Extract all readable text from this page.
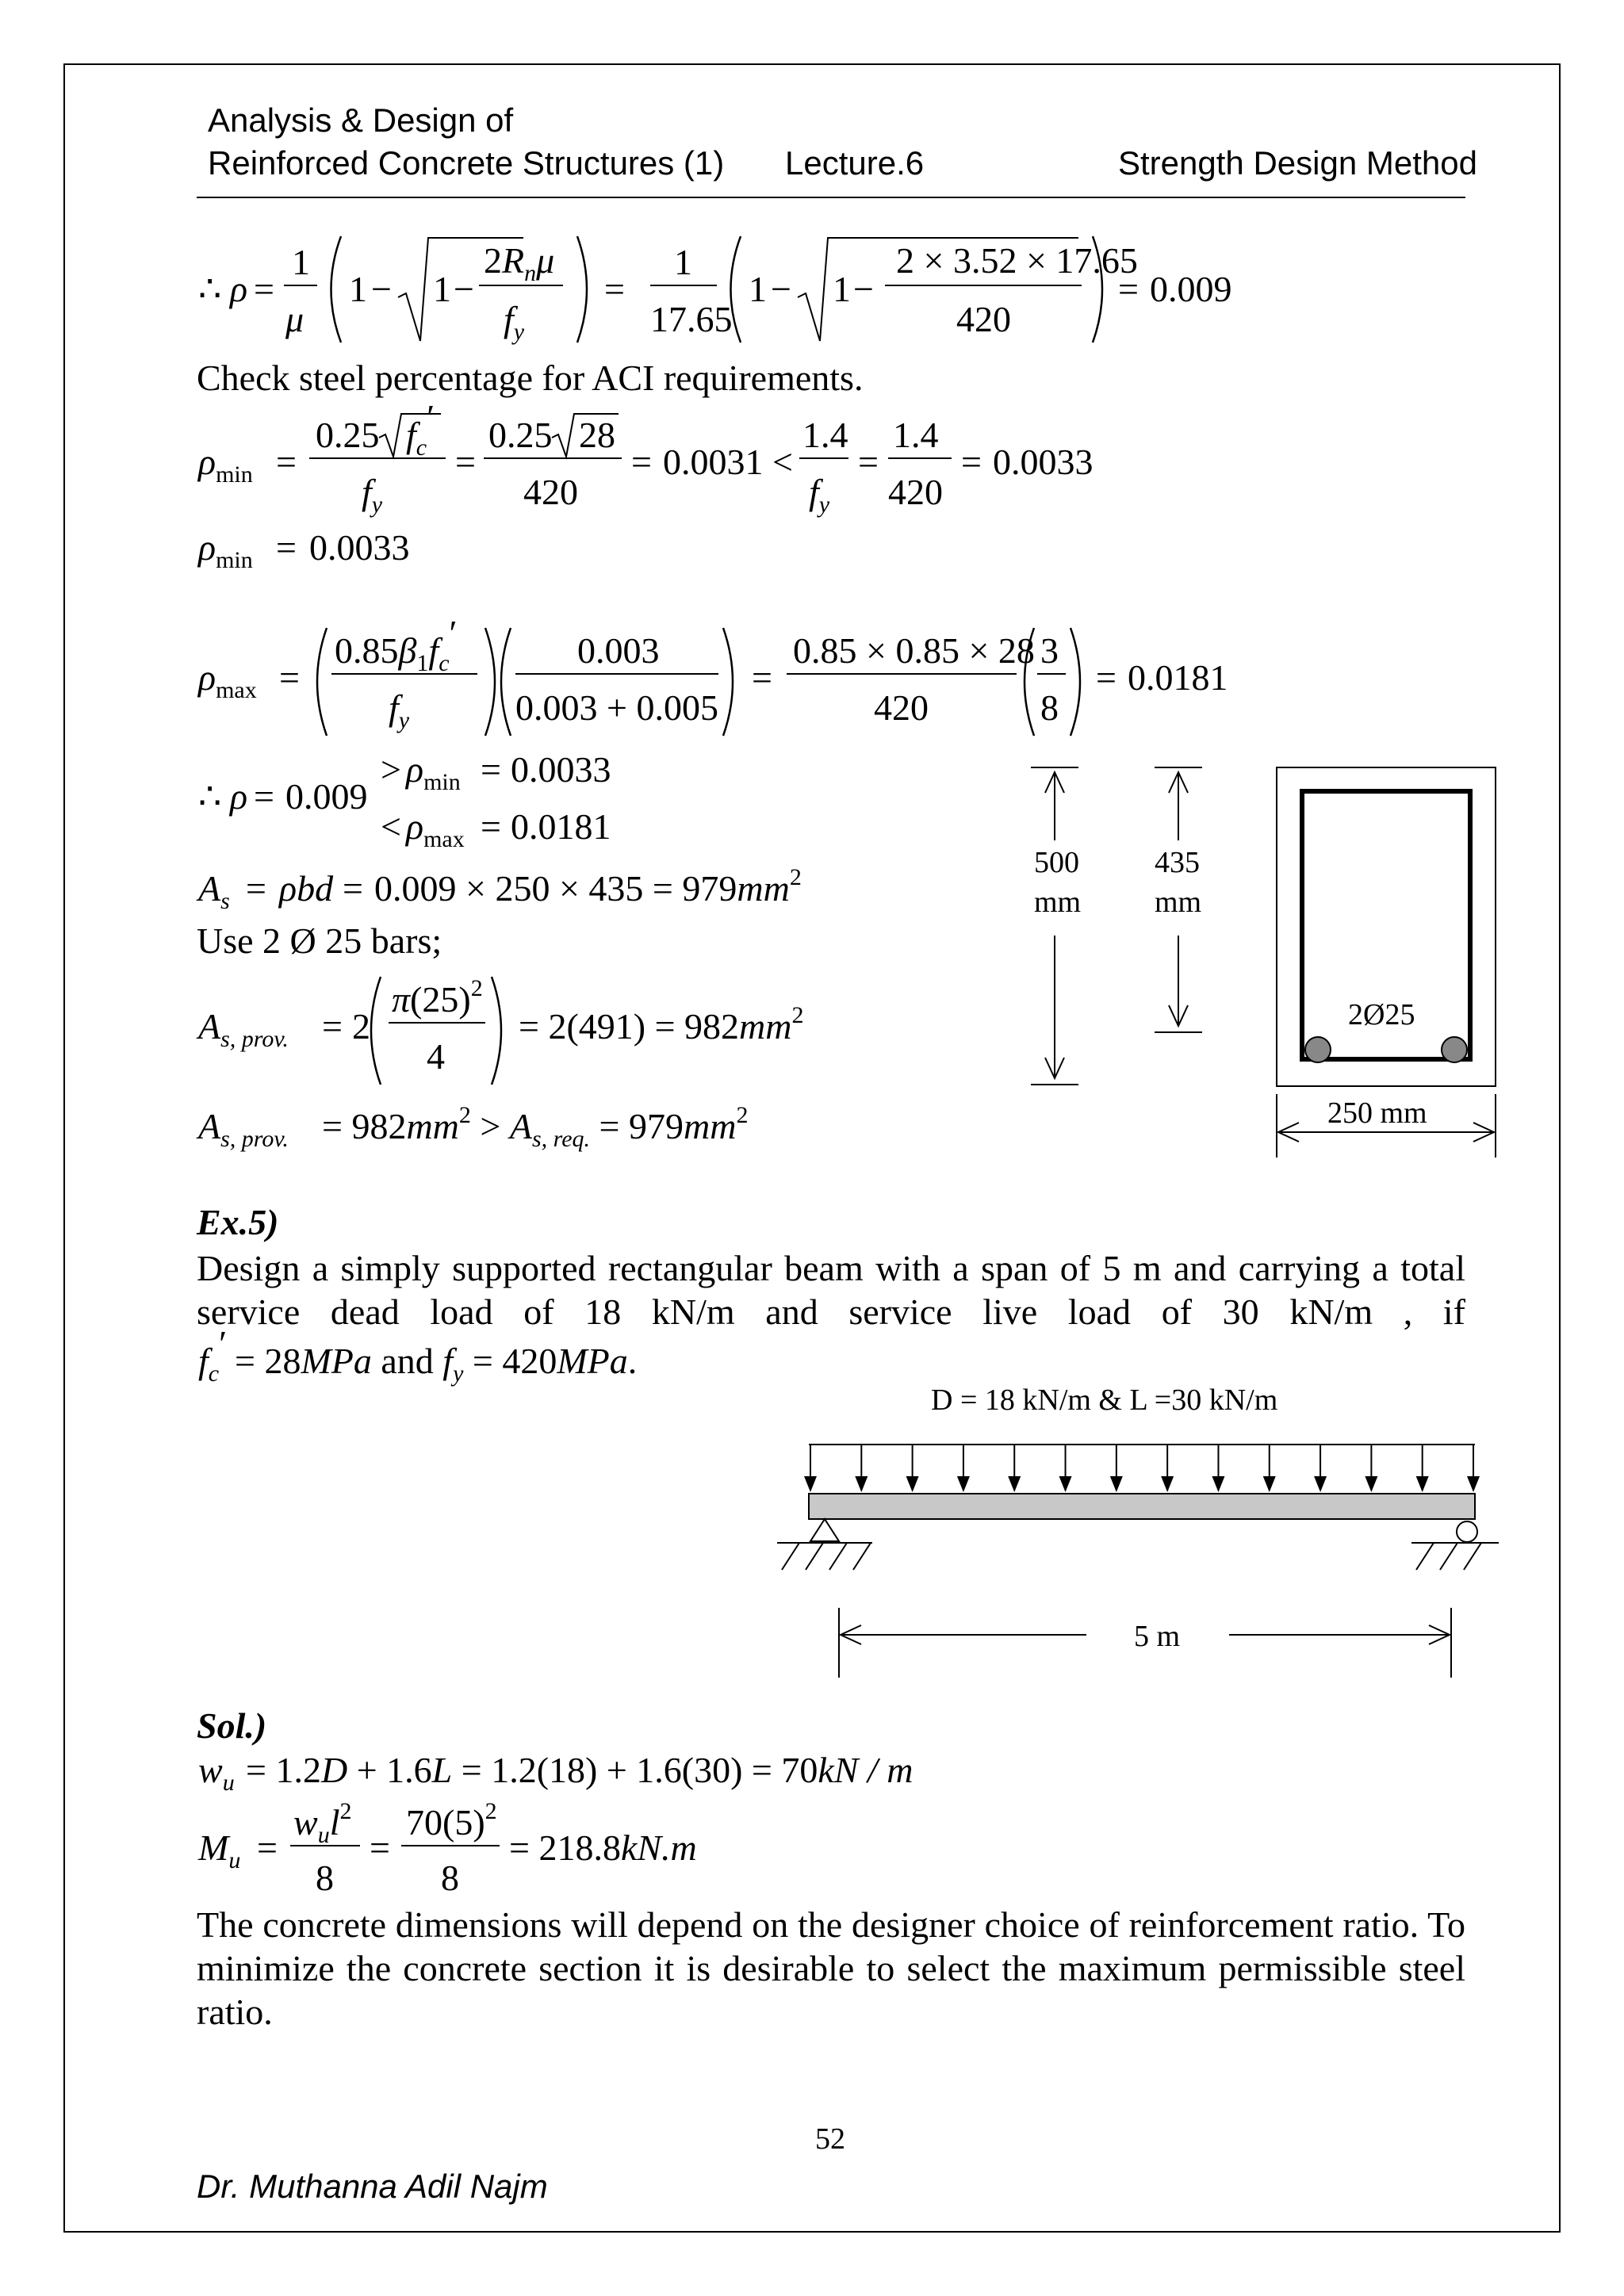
Analysis & Design of
Reinforced Concrete Structures (1) Lecture.6	Strength Design Method
∴ ρ =
1
μ
1 − 1 −
$2R_n\mu$
$f_y$
=
1
17.65
1 − 1 −
2 × 3.52 × 17.65
420
= 0.009
Check steel percentage for ACI requirements.
$\rho_{min}$ =
0.25 $f_c'$
$f_y$
=
0.25 28
420
= 0.0031 <
1.4
$f_y$
=
1.4
420
= 0.0033
$\rho_{min} = 0.0033$
$\rho_{max}$ =
$0.85\beta_1f_c'$
$f_y$
0.003
0.003 + 0.005
=
0.85 × 0.85 × 28
420
3
8
= 0.0181
∴ ρ = 0.009
> $\rho_{min} = 0.0033$
< $\rho_{max} = 0.0181$
$A_s = \rho bd = 0.009 \times 250 \times 435 = 979mm^2$
Use 2 Ø 25 bars;
$A_{s, prov.} = 2$
$\pi(25)^2$
4
= $2(491) = 982mm^2$
$A_{s, prov.} = 982mm^2 > A_{s, req.} = 979mm^2$
500
mm
435
mm
2Ø25
250 mm
Ex.5)
Design a simply supported rectangular beam with a span of 5 m and carrying a total service dead load of 18 kN/m and service live load of 30 kN/m , if
$f_c' = 28MPa$ and $f_y = 420MPa$.
D = 18 kN/m & L =30 kN/m
5 m
Sol.)
$w_u = 1.2D + 1.6L = 1.2(18) + 1.6(30) = 70kN / m$
$M_u$ =
$w_ul^2$
8
=
$70(5)^2$
8
= 218.8kN.m
The concrete dimensions will depend on the designer choice of reinforcement ratio. To minimize the concrete section it is desirable to select the maximum permissible steel ratio.
52
Dr. Muthanna Adil Najm
